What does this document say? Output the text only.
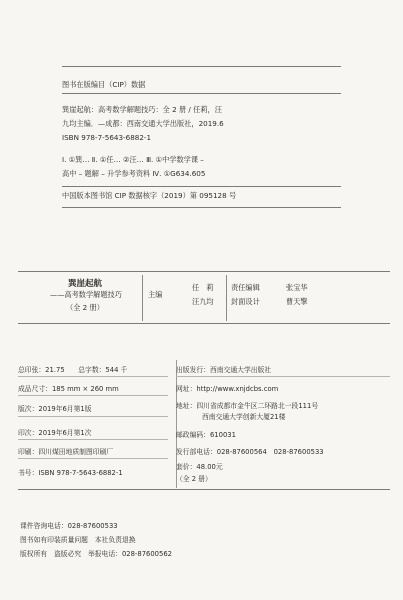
图书在版编目（CIP）数据
巽崖起航：高考数学解题技巧：全 2 册 / 任莉，汪
九均主编．—成都：西南交通大学出版社，2019.6
ISBN 978-7-5643-6882-1
Ⅰ. ①巽… Ⅱ. ①任… ②汪… Ⅲ. ①中学数学课 –
高中 – 题解 – 升学参考资料 Ⅳ. ①G634.605
中国版本图书馆 CIP 数据核字（2019）第 095128 号
巽崖起航
——高考数学解题技巧
（全 2 册）
主编
任　莉
汪九均
责任编辑	张宝华
封面设计	曹天擎
总印张：21.75　　总字数：544 千
成品尺寸：185 mm × 260 mm
版次：2019年6月第1版
印次：2019年6月第1次
印刷：四川煤田地质制图印刷厂
书号：ISBN 978-7-5643-6882-1
出版发行：西南交通大学出版社
网址：http://www.xnjdcbs.com
地址：四川省成都市金牛区二环路北一段111号
西南交通大学创新大厦21楼
邮政编码：610031
发行部电话：028-87600564　028-87600533
套价：48.00元
（全 2 册）
课件咨询电话：028-87600533
图书如有印装质量问题　本社负责退换
版权所有　盗版必究　举报电话：028-87600562
